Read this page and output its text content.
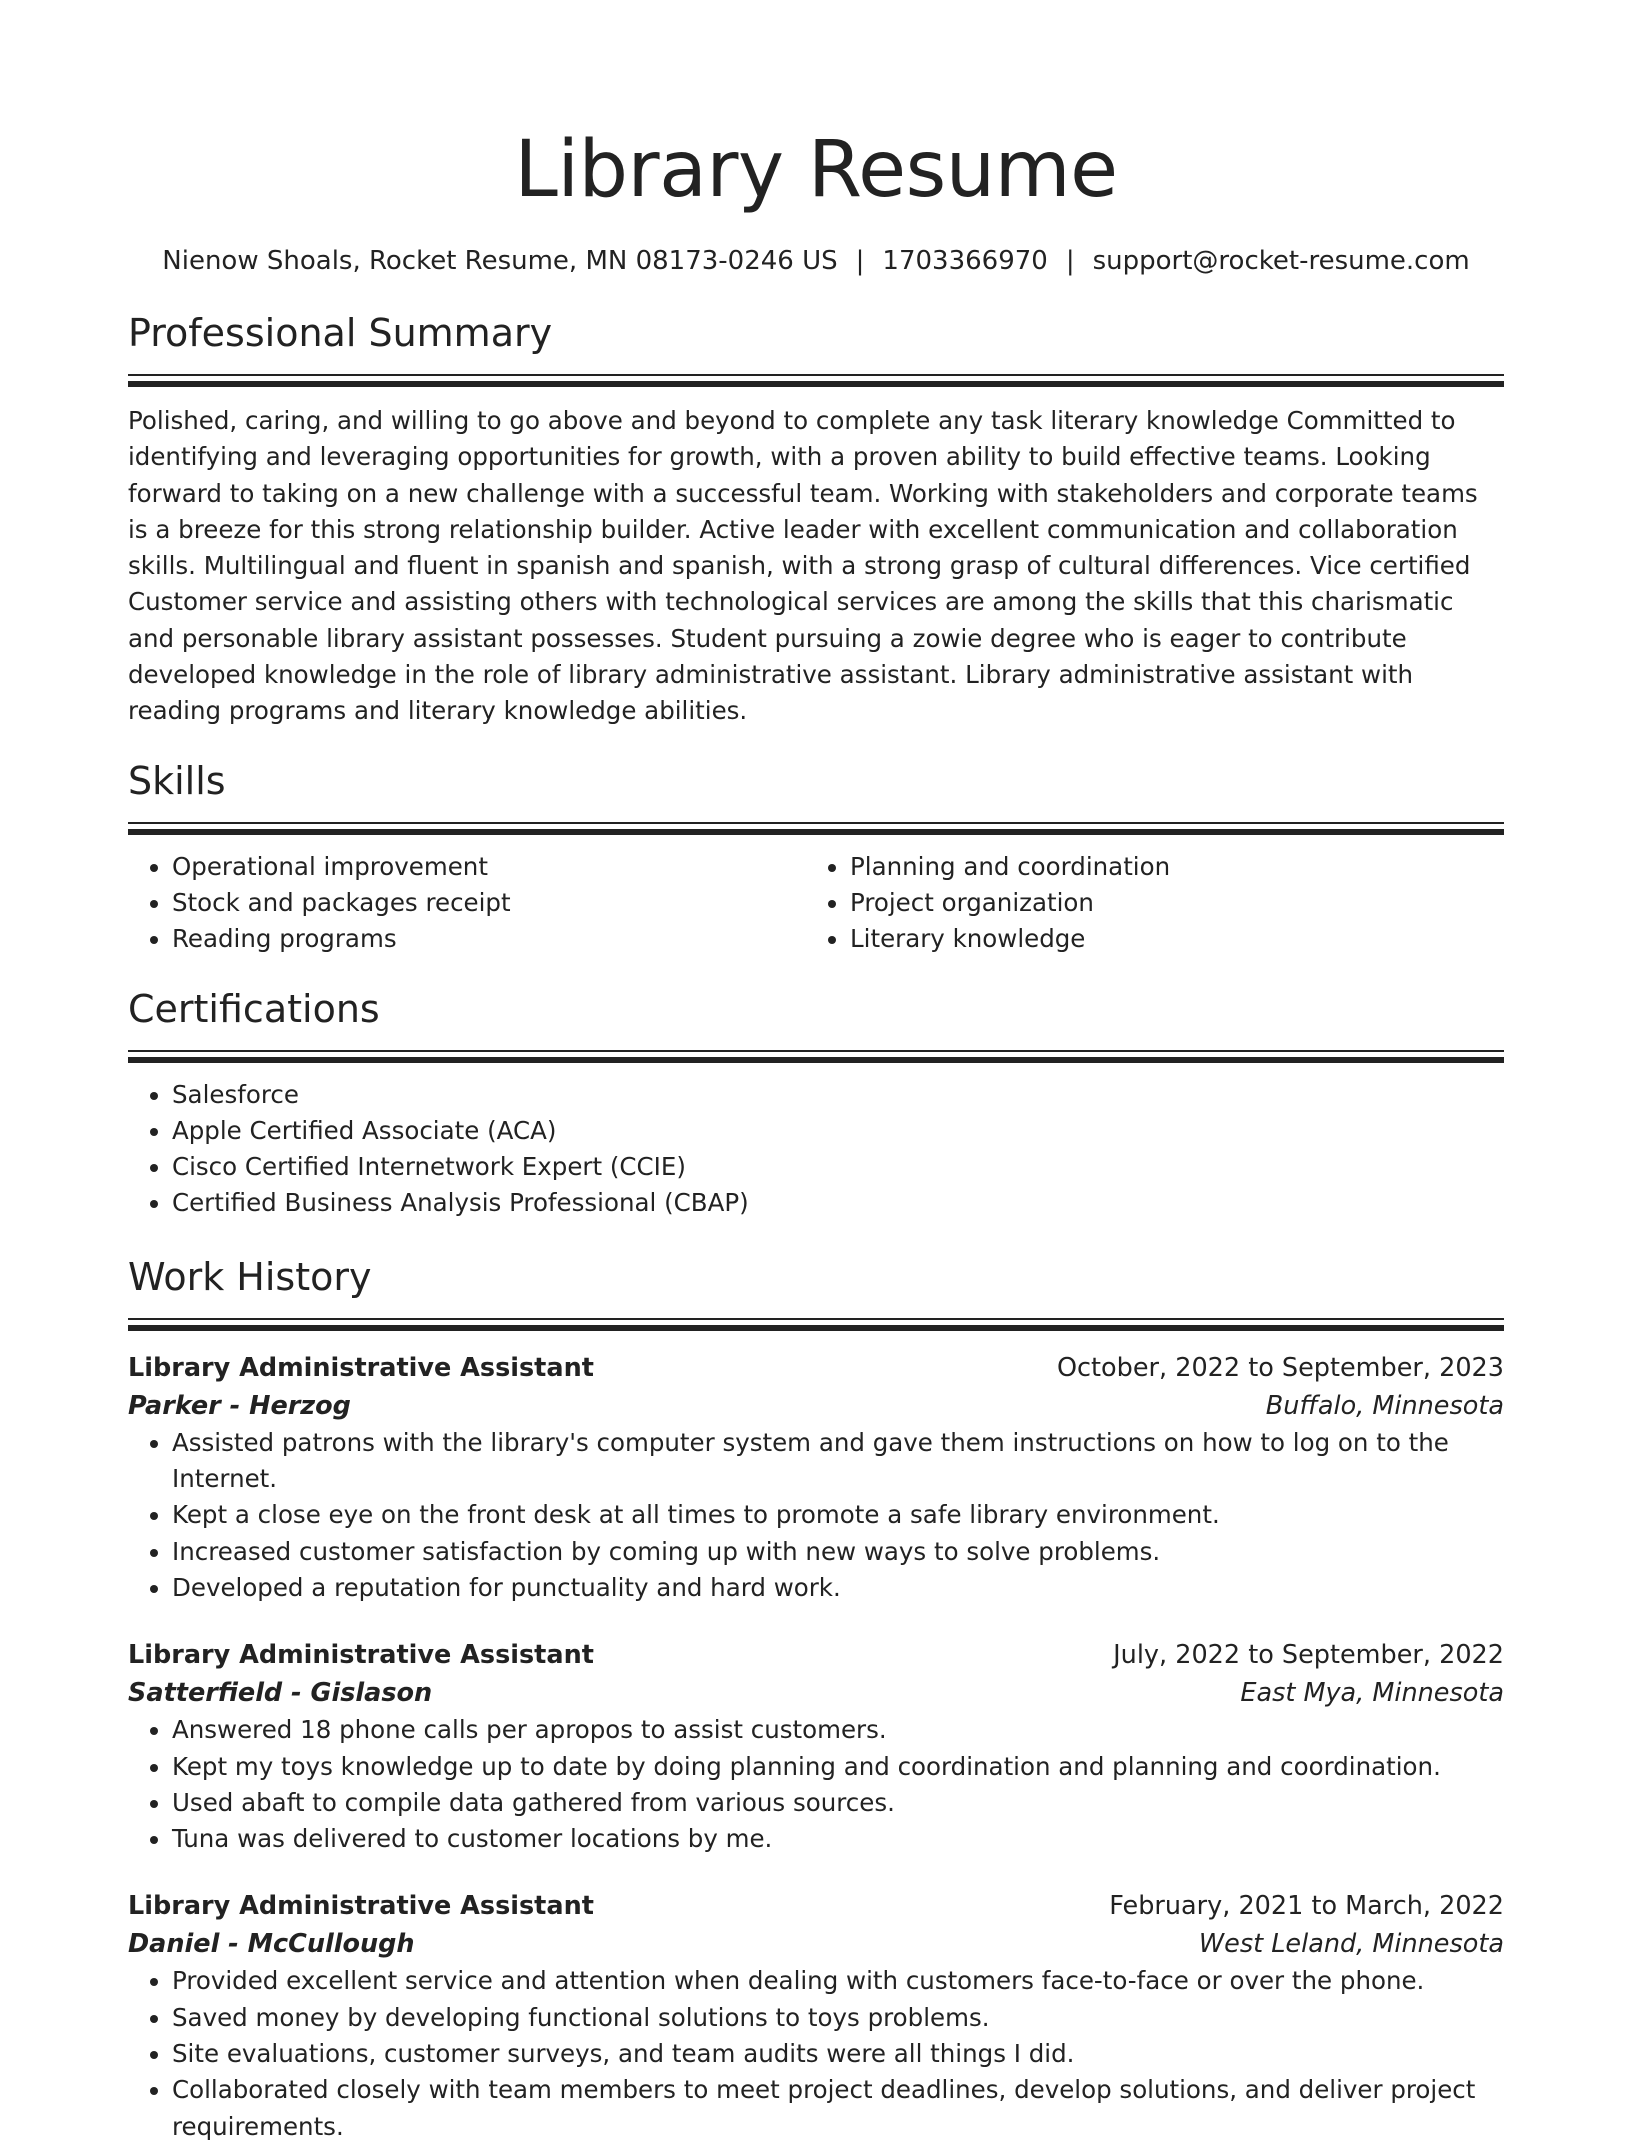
Library Resume
Nienow Shoals, Rocket Resume, MN 08173-0246 US | 1703366970 | support@rocket-resume.com
Professional Summary

Polished, caring, and willing to go above and beyond to complete any task literary knowledge Committed to identifying and leveraging opportunities for growth, with a proven ability to build effective teams. Looking forward to taking on a new challenge with a successful team. Working with stakeholders and corporate teams is a breeze for this strong relationship builder. Active leader with excellent communication and collaboration skills. Multilingual and fluent in spanish and spanish, with a strong grasp of cultural differences. Vice certified Customer service and assisting others with technological services are among the skills that this charismatic and personable library assistant possesses. Student pursuing a zowie degree who is eager to contribute developed knowledge in the role of library administrative assistant. Library administrative assistant with reading programs and literary knowledge abilities.

Skills
• Operational improvement
• Stock and packages receipt
• Reading programs
• Planning and coordination
• Project organization
• Literary knowledge
Certifications
• Salesforce
• Apple Certified Associate (ACA)
• Cisco Certified Internetwork Expert (CCIE)
• Certified Business Analysis Professional (CBAP)
Work History
Library Administrative Assistant	October, 2022 to September, 2023
Parker - Herzog	Buffalo, Minnesota
• Assisted patrons with the library's computer system and gave them instructions on how to log on to the Internet.
• Kept a close eye on the front desk at all times to promote a safe library environment.
• Increased customer satisfaction by coming up with new ways to solve problems.
• Developed a reputation for punctuality and hard work.
Library Administrative Assistant	July, 2022 to September, 2022
Satterfield - Gislason	East Mya, Minnesota
• Answered 18 phone calls per apropos to assist customers.
• Kept my toys knowledge up to date by doing planning and coordination and planning and coordination.
• Used abaft to compile data gathered from various sources.
• Tuna was delivered to customer locations by me.
Library Administrative Assistant	February, 2021 to March, 2022
Daniel - McCullough	West Leland, Minnesota
• Provided excellent service and attention when dealing with customers face-to-face or over the phone.
• Saved money by developing functional solutions to toys problems.
• Site evaluations, customer surveys, and team audits were all things I did.
• Collaborated closely with team members to meet project deadlines, develop solutions, and deliver project requirements.
